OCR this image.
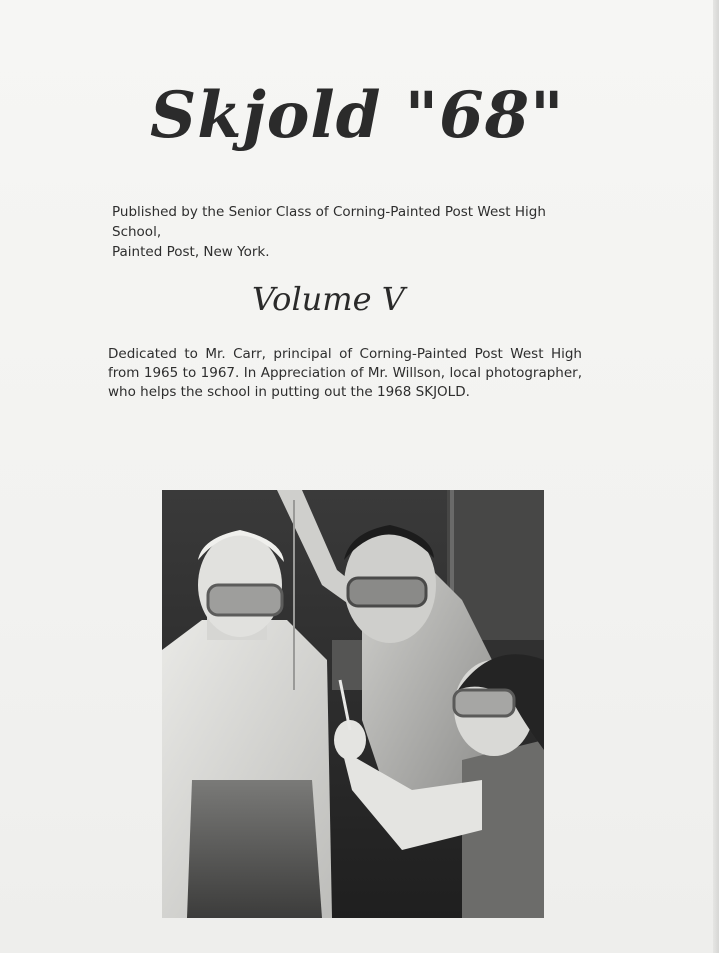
Skjold "68"
Published by the Senior Class of Corning-Painted Post West High School,
Painted Post, New York.
Volume V
Dedicated to Mr. Carr, principal of Corning-Painted Post West High from 1965 to 1967. In Appreciation of Mr. Willson, local photographer, who helps the school in putting out the 1968 SKJOLD.
